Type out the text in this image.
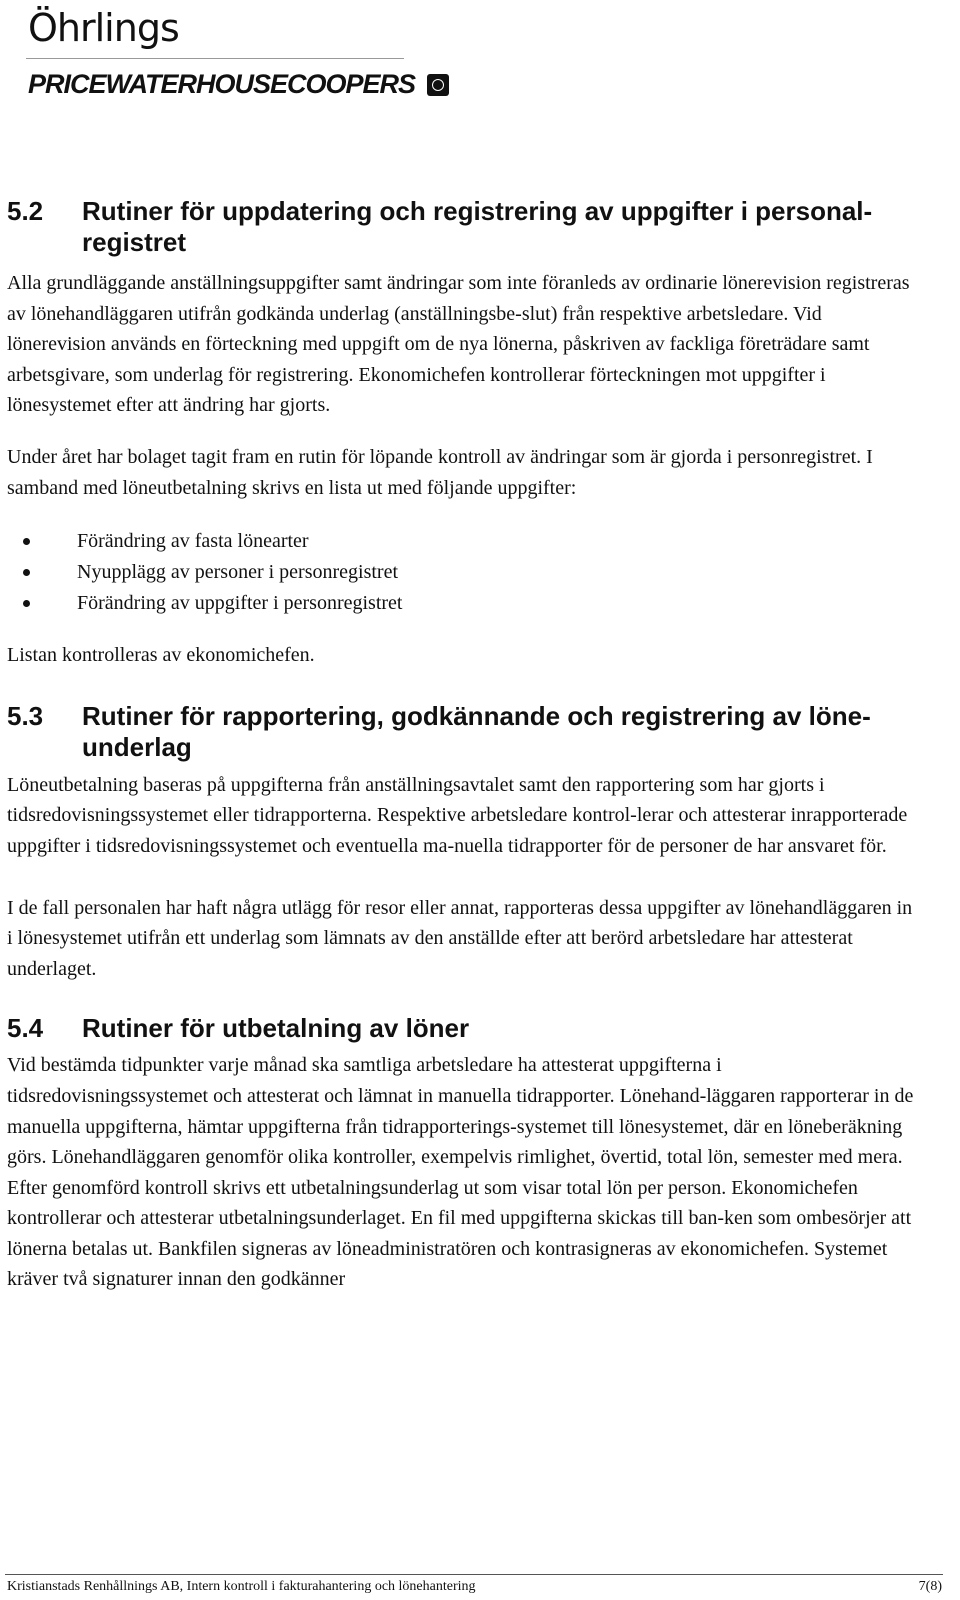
Öhrlings
PRICEWATERHOUSECOOPERS
5.2	Rutiner för uppdatering och registrering av uppgifter i personal-registret

Alla grundläggande anställningsuppgifter samt ändringar som inte föranleds av ordinarie lönerevision registreras av lönehandläggaren utifrån godkända underlag (anställningsbe-slut) från respektive arbetsledare. Vid lönerevision används en förteckning med uppgift om de nya lönerna, påskriven av fackliga företrädare samt arbetsgivare, som underlag för registrering. Ekonomichefen kontrollerar förteckningen mot uppgifter i lönesystemet efter att ändring har gjorts.

Under året har bolaget tagit fram en rutin för löpande kontroll av ändringar som är gjorda i personregistret. I samband med löneutbetalning skrivs en lista ut med följande uppgifter:

Förändring av fasta lönearter
Nyupplägg av personer i personregistret
Förändring av uppgifter i personregistret

Listan kontrolleras av ekonomichefen.

5.3	Rutiner för rapportering, godkännande och registrering av löne-underlag

Löneutbetalning baseras på uppgifterna från anställningsavtalet samt den rapportering som har gjorts i tidsredovisningssystemet eller tidrapporterna. Respektive arbetsledare kontrol-lerar och attesterar inrapporterade uppgifter i tidsredovisningssystemet och eventuella ma-nuella tidrapporter för de personer de har ansvaret för.

I de fall personalen har haft några utlägg för resor eller annat, rapporteras dessa uppgifter av lönehandläggaren in i lönesystemet utifrån ett underlag som lämnats av den anställde efter att berörd arbetsledare har attesterat underlaget.

5.4	Rutiner för utbetalning av löner

Vid bestämda tidpunkter varje månad ska samtliga arbetsledare ha attesterat uppgifterna i tidsredovisningssystemet och attesterat och lämnat in manuella tidrapporter. Lönehand-läggaren rapporterar in de manuella uppgifterna, hämtar uppgifterna från tidrapporterings-systemet till lönesystemet, där en löneberäkning görs. Lönehandläggaren genomför olika kontroller, exempelvis rimlighet, övertid, total lön, semester med mera. Efter genomförd kontroll skrivs ett utbetalningsunderlag ut som visar total lön per person. Ekonomichefen kontrollerar och attesterar utbetalningsunderlaget. En fil med uppgifterna skickas till ban-ken som ombesörjer att lönerna betalas ut. Bankfilen signeras av löneadministratören och kontrasigneras av ekonomichefen. Systemet kräver två signaturer innan den godkänner

Kristianstads Renhållnings AB, Intern kontroll i fakturahantering och lönehantering	7(8)
